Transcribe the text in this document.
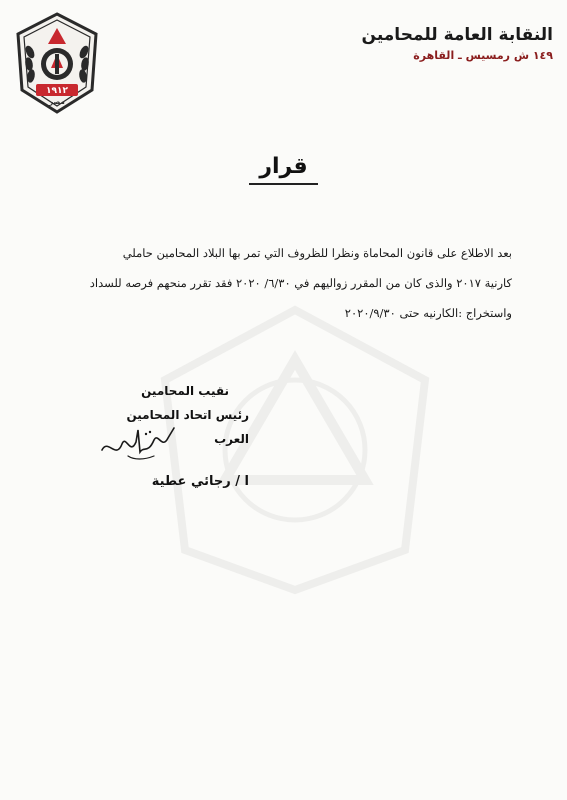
١٩١٢
مصر
النقابة العامة للمحامين
١٤٩ ش رمسيس ـ القاهرة
قرار

بعد الاطلاع على قانون المحاماة ونظرا للظروف التي تمر بها البلاد المحامين حاملي

كارنية ٢٠١٧ والذى كان من المقرر زواليهم في ٦/٣٠/ ٢٠٢٠ فقد تقرر منحهم فرصه للسداد

واستخراج :الكارنيه حتى ٢٠٢٠/٩/٣٠

نقيب المحامين
رئيس اتحاد المحامين العرب
ا / رجائي عطية
